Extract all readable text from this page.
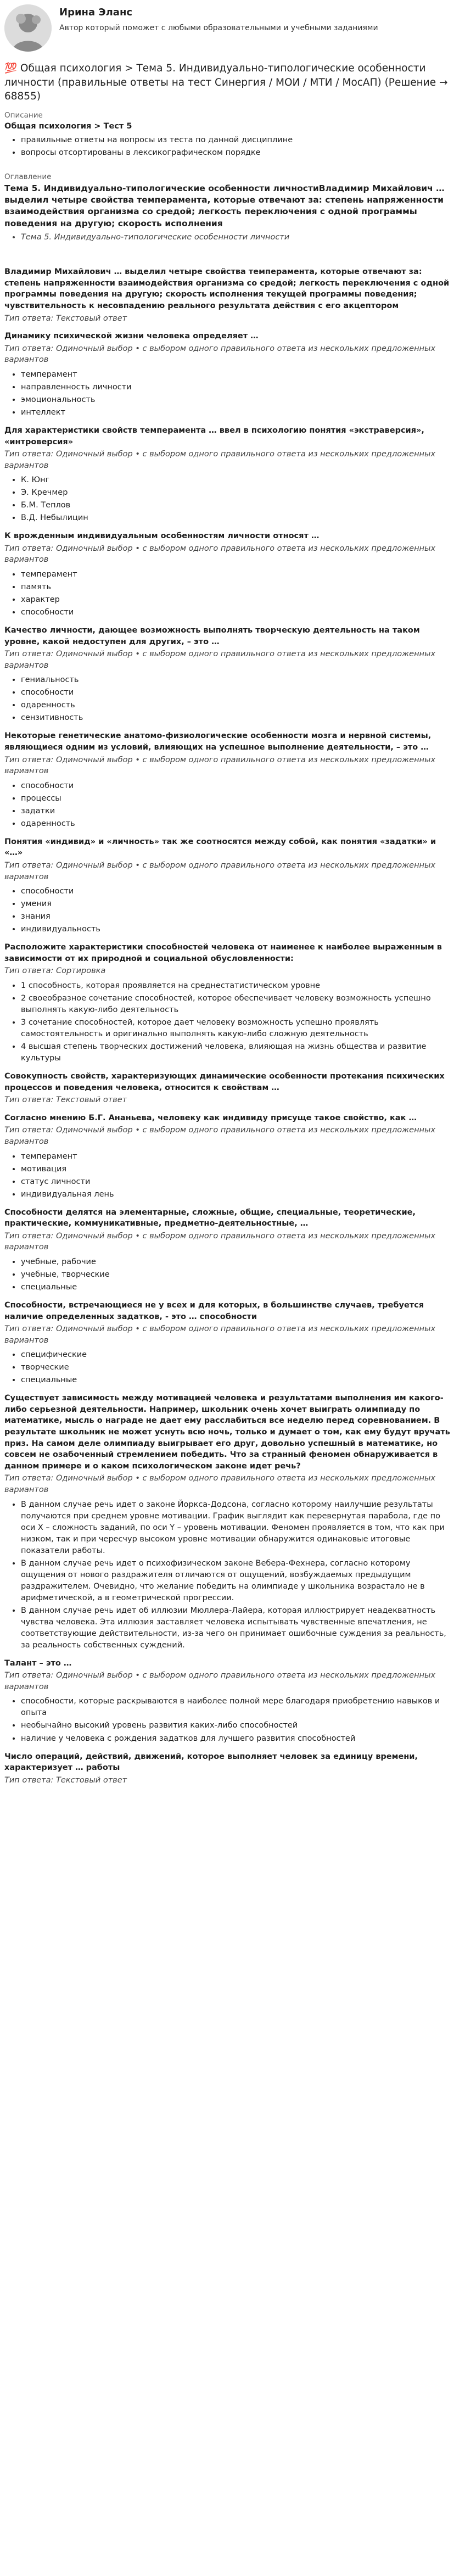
Ирина Эланс
Автор который поможет с любыми образовательными и учебными заданиями
💯 Общая психология > Тема 5. Индивидуально-типологические особенности личности (правильные ответы на тест Синергия / МОИ / МТИ / МосАП) (Решение → 68855)
Описание
Общая психология > Тест 5
• правильные ответы на вопросы из теста по данной дисциплине
• вопросы отсортированы в лексикографическом порядке
Оглавление
Тема 5. Индивидуально-типологические особенности личностиВладимир Михайлович … выделил четыре свойства темперамента, которые отвечают за: степень напряженности взаимодействия организма со средой; легкость переключения с одной программы поведения на другую; скорость исполнения
• Тема 5. Индивидуально-типологические особенности личности
Владимир Михайлович … выделил четыре свойства темперамента, которые отвечают за: степень напряженности взаимодействия организма со средой; легкость переключения с одной программы поведения на другую; скорость исполнения текущей программы поведения; чувствительность к несовпадению реального результата действия с его акцептором
Тип ответа: Текстовый ответ
Динамику психической жизни человека определяет …
Тип ответа: Одиночный выбор • с выбором одного правильного ответа из нескольких предложенных вариантов
• темперамент
• направленность личности
• эмоциональность
• интеллект
Для характеристики свойств темперамента … ввел в психологию понятия «экстраверсия», «интроверсия»
Тип ответа: Одиночный выбор • с выбором одного правильного ответа из нескольких предложенных вариантов
• К. Юнг
• Э. Кречмер
• Б.М. Теплов
• В.Д. Небылицин
К врожденным индивидуальным особенностям личности относят …
Тип ответа: Одиночный выбор • с выбором одного правильного ответа из нескольких предложенных вариантов
• темперамент
• память
• характер
• способности
Качество личности, дающее возможность выполнять творческую деятельность на таком уровне, какой недоступен для других, – это …
Тип ответа: Одиночный выбор • с выбором одного правильного ответа из нескольких предложенных вариантов
• гениальность
• способности
• одаренность
• сензитивность
Некоторые генетические анатомо-физиологические особенности мозга и нервной системы, являющиеся одним из условий, влияющих на успешное выполнение деятельности, – это …
Тип ответа: Одиночный выбор • с выбором одного правильного ответа из нескольких предложенных вариантов
• способности
• процессы
• задатки
• одаренность
Понятия «индивид» и «личность» так же соотносятся между собой, как понятия «задатки» и «…»
Тип ответа: Одиночный выбор • с выбором одного правильного ответа из нескольких предложенных вариантов
• способности
• умения
• знания
• индивидуальность
Расположите характеристики способностей человека от наименее к наиболее выраженным в зависимости от их природной и социальной обусловленности:
Тип ответа: Сортировка
• 1 способность, которая проявляется на среднестатистическом уровне
• 2 своеобразное сочетание способностей, которое обеспечивает человеку возможность успешно выполнять какую-либо деятельность
• 3 сочетание способностей, которое дает человеку возможность успешно проявлять самостоятельность и оригинально выполнять какую-либо сложную деятельность
• 4 высшая степень творческих достижений человека, влияющая на жизнь общества и развитие культуры
Совокупность свойств, характеризующих динамические особенности протекания психических процессов и поведения человека, относится к свойствам …
Тип ответа: Текстовый ответ
Согласно мнению Б.Г. Ананьева, человеку как индивиду присуще такое свойство, как …
Тип ответа: Одиночный выбор • с выбором одного правильного ответа из нескольких предложенных вариантов
• темперамент
• мотивация
• статус личности
• индивидуальная лень
Способности делятся на элементарные, сложные, общие, специальные, теоретические, практические, коммуникативные, предметно-деятельностные, …
Тип ответа: Одиночный выбор • с выбором одного правильного ответа из нескольких предложенных вариантов
• учебные, рабочие
• учебные, творческие
• специальные
Способности, встречающиеся не у всех и для которых, в большинстве случаев, требуется наличие определенных задатков, - это … способности
Тип ответа: Одиночный выбор • с выбором одного правильного ответа из нескольких предложенных вариантов
• специфические
• творческие
• специальные
Существует зависимость между мотивацией человека и результатами выполнения им какого-либо серьезной деятельности. Например, школьник очень хочет выиграть олимпиаду по математике, мысль о награде не дает ему расслабиться все неделю перед соревнованием. В результате школьник не может уснуть всю ночь, только и думает о том, как ему будут вручать приз. На самом деле олимпиаду выигрывает его друг, довольно успешный в математике, но совсем не озабоченный стремлением победить. Что за странный феномен обнаруживается в данном примере и о каком психологическом законе идет речь?
Тип ответа: Одиночный выбор • с выбором одного правильного ответа из нескольких предложенных вариантов
• В данном случае речь идет о законе Йоркса-Додсона, согласно которому наилучшие результаты получаются при среднем уровне мотивации. График выглядит как перевернутая парабола, где по оси X – сложность заданий, по оси Y – уровень мотивации. Феномен проявляется в том, что как при низком, так и при чересчур высоком уровне мотивации обнаружится одинаковые итоговые показатели работы.
• В данном случае речь идет о психофизическом законе Вебера-Фехнера, согласно которому ощущения от нового раздражителя отличаются от ощущений, возбуждаемых предыдущим раздражителем. Очевидно, что желание победить на олимпиаде у школьника возрастало не в арифметической, а в геометрической прогрессии.
• В данном случае речь идет об иллюзии Мюллера-Лайера, которая иллюстрирует неадекватность чувства человека. Эта иллюзия заставляет человека испытывать чувственные впечатления, не соответствующие действительности, из-за чего он принимает ошибочные суждения за реальность, за реальность собственных суждений.
Талант – это …
Тип ответа: Одиночный выбор • с выбором одного правильного ответа из нескольких предложенных вариантов
• способности, которые раскрываются в наиболее полной мере благодаря приобретению навыков и опыта
• необычайно высокий уровень развития каких-либо способностей
• наличие у человека с рождения задатков для лучшего развития способностей
Число операций, действий, движений, которое выполняет человек за единицу времени, характеризует … работы
Тип ответа: Текстовый ответ
